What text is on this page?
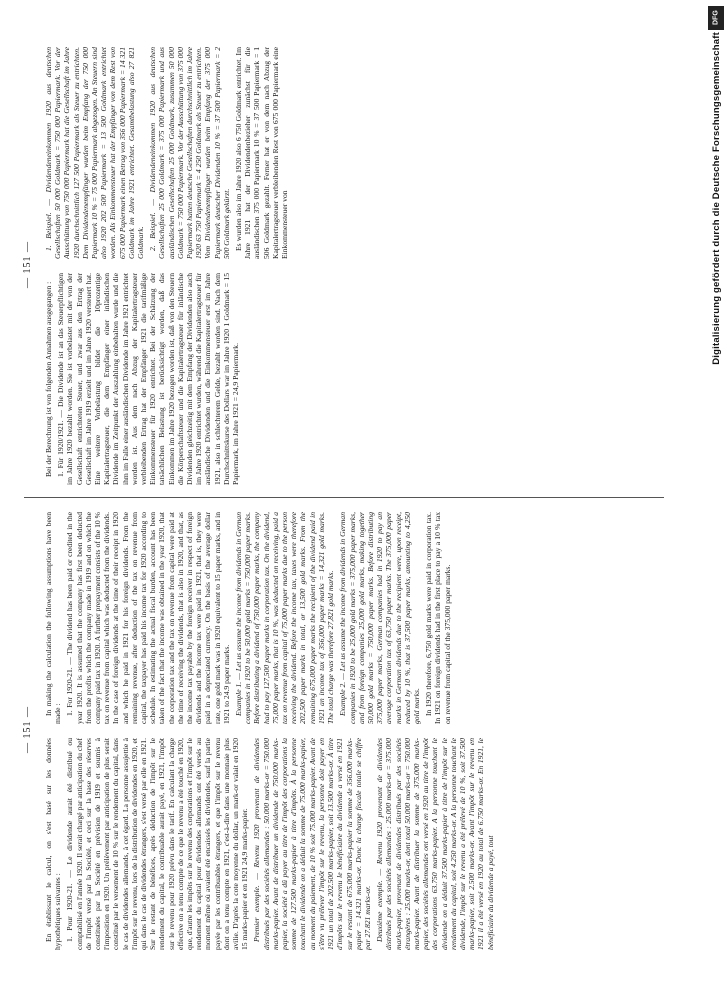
DFG
Digitalisierung gefördert durch die Deutsche Forschungsgemeinschaft
— 151 —

En établissant le calcul, on s'est basé sur les données hypothétiques suivantes : 1. Pour 1920-21. — Le dividende aurait été distribué ou comptabilisé en l'année 1920. Il serait chargé par anticipation du chef de l'impôt versé par la Société, et ceci sur la base des réserves constituées par la Société en prévision de 1919 et soumis à l'imposition en 1920. Un prélèvement par anticipation de plus serait constitué par le versement de 10 % sur le rendement du capital, dans le cas de dividendes allemands, à cet égard. La personne assujettie à l'impôt sur le revenu, lors de la distribution de dividendes en 1920, et qui dans le cas de dividendes étrangers, s'est versé par elle en 1921. Sur le restant de bénéfices, après déduction de l'impôt sur le rendement du capital, le contribuable aurait payé, en 1921, l'impôt sur le revenu pour 1920 prévu dans le tarif. En calculant la charge effective on a tenu compte de ce que le revenu a été touché en 1920, que, d'autre les impôts sur le revenu des corporations et l'impôt sur le rendement du capital pour dividendes allemands ont été versés au moment même où avaient été encaissés les dividendes, sauf la partie payée par les contribuables étrangers, et que l'impôt sur le revenu dont on a tenu compte en 1921, c'est-à-dire dans une monnaie plus avilie. D'après la cote moyenne du dollar, un mark-or valait en 1920 15 marks-papier et en 1921 24,9 marks-papier. Premier exemple. — Revenu 1920 provenant de dividendes distribués par des sociétés allemandes : 50.000 marks-or = 750.000 marks-papier. Avant de distribuer un dividende de 750.000 marks-papier, la société a dû payer au titre de l'impôt des corporations la somme de 127.500 marks-papier à titre d'impôts. À la personne touchant le dividende on a déduit la somme de 75.000 marks-papier, au moment du paiement, de 10 % soit 75.000 marks-papier. Avant de s'être vu prélever l'impôt sur le revenu, la personne doit payer en 1921 un total de 202.500 marks-papier, soit 13.500 marks-or. À titre d'impôts sur le revenu le bénéficiaire du dividende a versé en 1921 sur le restant de 675.000 marks-papier la somme de 356.000 marks-papier = 14.321 marks-or. Donc la charge fiscale totale se chiffre par 27.821 marks-or. Deuxième exemple. — Revenu 1920 provenant de dividendes distribués par des sociétés allemandes : 25.000 marks-or = 375.000 marks-papier, provenant de dividendes distribués par des sociétés étrangères : 25.000 marks-or, dont total 50.000 marks-or = 750.000 marks-papier. Avant de distribuer la somme de 375.000 marks-papier, des sociétés allemandes ont versé en 1920 au titre de l'impôt des corporations 63.750 marks-papier. A la personne touchant le dividende on a déduit 37.500 marks-papier à titre de l'impôt sur le rendement du capital, soit 4.250 marks-or. A la personne touchant le dividende, l'impôt sur le revenu a été prélevé de 10 %, soit 37.500 marks-papier, soit 2.500 marks-or. Avant l'impôt sur le revenu en 1921 il a été versé en 1920 au total de 6.750 marks-or. En 1921, le bénéficiaire du dividende a payé, tout

In making the calculation the following assumptions have been made : 1. For 1920-21. — The dividend has been paid or credited in the year 1920. It is assumed that the company has first been deducted from the profits which the company made in 1919 and on which the company paid tax in 1920. A further prepayment consists of the 10 % tax on revenue from capital which was deducted from the dividends. In the case of foreign dividends at the time of their receipt in 1920 and which he paid in 1921 for his foreign dividends. From the remaining revenue, after deduction of the tax on revenue from capital, the taxpayer has paid his income tax for 1920 according to schedule. In estimating the actual fiscal burden, account has been taken of the fact that the income was obtained in the year 1920, that the corporation tax and the tax on revenue from capital were paid at the time of receiving the dividends, that is also in 1920, and that, as the income tax payable by the foreign receiver in respect of foreign dividends and the income tax were paid in 1921, that is, they were paid in a depreciated currency. On the basis of the average dollar rate, one gold mark was in 1920 equivalent to 15 paper marks, and in 1921 to 24.9 paper marks. Example 1. — Let us assume the income from dividends in German companies in 1920 to be 50,000 gold marks = 750,000 paper marks. Before distributing a dividend of 750,000 paper marks, the company had to pay 127,500 paper marks in corporation tax. On the dividend, 75,000 paper marks, that is 10 %, was deducted on receiving, paid a tax on revenue from capital of 75,000 paper marks due to the person receiving the dividend. Before the income tax, taxes were therefore 202,500 paper marks in total, or 13,500 gold marks. From the remaining 675,000 paper marks the recipient of the dividend paid in 1921 an income tax of 356,000 paper marks = 14,321 gold marks. The total charge was therefore 27,821 gold marks. Example 2. — Let us assume the income from dividends in German companies in 1920 to be 25,000 gold marks = 375,000 paper marks, and from foreign companies 25,000 gold marks, making together 50,000 gold marks = 750,000 paper marks. Before distributing 375,000 paper marks, German companies had in 1920 to pay an average corporation tax of 63,750 paper marks. The 375,000 paper marks in German dividends due to the recipient were, upon receipt, reduced by 10 %, that is 37,500 paper marks, amounting to 4,250 gold marks. In 1920 therefore, 6,750 gold marks were paid in corporation tax. In 1921 on foreign dividends had in the first place to pay a 10 % tax on revenue from capital of the 375,000 paper marks.

— 151 —

Bei der Berechnung ist von folgenden Annahmen ausgegangen : 1. Für 1920/1921. — Die Dividende ist an das Steuerpflichtigen im Jahre 1920 bezahlt worden. Sie ist vorbelastet mit der von der Gesellschaft entrichteten Steuer, und zwar aus den Ertrag der Gesellschaft im Jahre 1919 erzielt und im Jahre 1920 versteuert hat. Eine weitere Vorbelastung bildet die 10prozentige Kapitalertragsteuer, die dem Empfänger einer inländischen Dividende im Zeitpunkt der Auszahlung einbehalten wurde und die ihm im Falle einer ausländischen Dividende im Jahre 1921 entrichtet worden ist. Aus dem nach Abzug der Kapitalertragsteuer verbleibenden Ertrag hat der Empfänger 1921 die tarifmäßige Einkommensteuer für 1920 entrichtet. Bei der Schätzung der tatsächlichen Belastung ist berücksichtigt worden, daß das Einkommen im Jahre 1920 bezogen worden ist, daß von den Steuern die Körperschaftsteuer und die Kapitalertragsteuer für inländische Dividenden gleichzeitig mit dem Empfang der Dividenden also auch im Jahre 1920 entrichtet wurden, während die Kapitalertragsteuer für ausländische Dividenden und die Einkommensteuer erst im Jahre 1921, also in schlechterem Gelde, bezahlt worden sind. Nach dem Durchschnittskurse des Dollars war im Jahre 1920 1 Goldmark = 15 Papiermark, im Jahre 1921 = 24,9 Papiermark.

1. Beispiel. — Dividendeneinkommen 1920 aus deutschen Gesellschaften 50 000 Goldmark = 750 000 Papiermark. Vor der Ausschüttung von 750 000 Papiermark hat die Gesellschaft im Jahre 1920 durchschnittlich 127 500 Papiermark als Steuer zu entrichten. Dem Dividendenempfänger wurden beim Empfang der 750 000 Papiermark 10 % = 75 000 Papiermark abgezogen. An Steuern sind also 1920 202 500 Papiermark = 13 500 Goldmark entrichtet worden. Als Einkommensteuer hat der Empfänger von dem Rest von 675 000 Papiermark einen Betrag von 356 000 Papiermark = 14 321 Goldmark im Jahre 1921 entrichtet. Gesamtbelastung also 27 821 Goldmark. 2. Beispiel. — Dividendeneinkommen 1920 aus deutschen Gesellschaften 25 000 Goldmark = 375 000 Papiermark und aus ausländischen Gesellschaften 25 000 Goldmark, zusammen 50 000 Goldmark = 750 000 Papiermark. Vor der Ausschüttung von 375 000 Papiermark hatten deutsche Gesellschaften durchschnittlich im Jahre 1920 63 750 Papiermark = 4 250 Goldmark als Steuer zu entrichten. Vom Dividendenempfänger wurden beim Empfang der 375 000 Papiermark deutscher Dividenden 10 % = 37 500 Papiermark = 2 500 Goldmark gekürzt. Es wurden also im Jahre 1920 also 6 750 Goldmark entrichtet. Im Jahre 1921 hat der Dividendenbezieher zunächst für die ausländischen 375 000 Papiermark 10 % = 37 500 Papiermark = 1 506 Goldmark gezahlt. Ferner hat er von dem nach Abzug der Kapitalertragsteuer verbleibenden Rest von 675 000 Papiermark eine Einkommensteuer von
